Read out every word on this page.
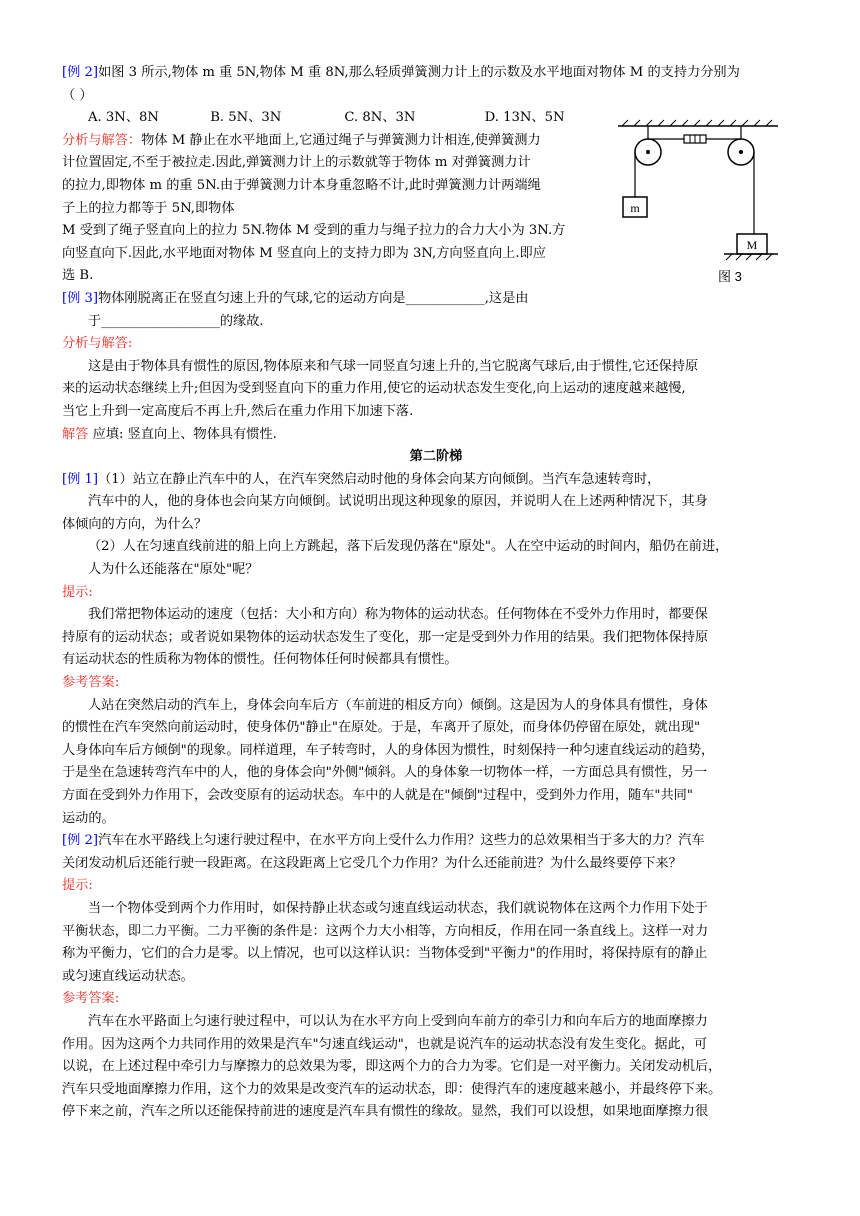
[例 2]如图 3 所示,物体 m 重 5N,物体 M 重 8N,那么轻质弹簧测力计上的示数及水平地面对物体 M 的支持力分别为
（ ）
A. 3N、8N	B. 5N、3N	C. 8N、3N	D. 13N、5N
分析与解答：物体 M 静止在水平地面上,它通过绳子与弹簧测力计相连,使弹簧测力
计位置固定,不至于被拉走.因此,弹簧测力计上的示数就等于物体 m 对弹簧测力计
的拉力,即物体 m 的重 5N.由于弹簧测力计本身重忽略不计,此时弹簧测力计两端绳
子上的拉力都等于 5N,即物体
M 受到了绳子竖直向上的拉力 5N.物体 M 受到的重力与绳子拉力的合力大小为 3N.方
向竖直向下.因此,水平地面对物体 M 竖直向上的支持力即为 3N,方向竖直向上.即应
选 B.
[例 3]物体刚脱离正在竖直匀速上升的气球,它的运动方向是____________,这是由
于__________________的缘故.
分析与解答:
这是由于物体具有惯性的原因,物体原来和气球一同竖直匀速上升的,当它脱离气球后,由于惯性,它还保持原
来的运动状态继续上升;但因为受到竖直向下的重力作用,使它的运动状态发生变化,向上运动的速度越来越慢,
当它上升到一定高度后不再上升,然后在重力作用下加速下落.
解答 应填: 竖直向上、物体具有惯性.
第二阶梯
[例 1]（1）站立在静止汽车中的人，在汽车突然启动时他的身体会向某方向倾倒。当汽车急速转弯时，
汽车中的人，他的身体也会向某方向倾倒。试说明出现这种现象的原因，并说明人在上述两种情况下，其身
体倾向的方向，为什么？
（2）人在匀速直线前进的船上向上方跳起，落下后发现仍落在"原处"。人在空中运动的时间内，船仍在前进，
人为什么还能落在"原处"呢？
提示:
我们常把物体运动的速度（包括：大小和方向）称为物体的运动状态。任何物体在不受外力作用时，都要保
持原有的运动状态；或者说如果物体的运动状态发生了变化，那一定是受到外力作用的结果。我们把物体保持原
有运动状态的性质称为物体的惯性。任何物体任何时候都具有惯性。
参考答案:
人站在突然启动的汽车上，身体会向车后方（车前进的相反方向）倾倒。这是因为人的身体具有惯性，身体
的惯性在汽车突然向前运动时，使身体仍"静止"在原处。于是，车离开了原处，而身体仍停留在原处，就出现"
人身体向车后方倾倒"的现象。同样道理，车子转弯时，人的身体因为惯性，时刻保持一种匀速直线运动的趋势，
于是坐在急速转弯汽车中的人，他的身体会向"外侧"倾斜。人的身体象一切物体一样，一方面总具有惯性，另一
方面在受到外力作用下，会改变原有的运动状态。车中的人就是在"倾倒"过程中，受到外力作用，随车"共同"
运动的。
[例 2]汽车在水平路线上匀速行驶过程中，在水平方向上受什么力作用？这些力的总效果相当于多大的力？汽车
关闭发动机后还能行驶一段距离。在这段距离上它受几个力作用？为什么还能前进？为什么最终要停下来？
提示:
当一个物体受到两个力作用时，如保持静止状态或匀速直线运动状态，我们就说物体在这两个力作用下处于
平衡状态，即二力平衡。二力平衡的条件是：这两个力大小相等，方向相反，作用在同一条直线上。这样一对力
称为平衡力，它们的合力是零。以上情况，也可以这样认识：当物体受到"平衡力"的作用时，将保持原有的静止
或匀速直线运动状态。
参考答案:
汽车在水平路面上匀速行驶过程中，可以认为在水平方向上受到向车前方的牵引力和向车后方的地面摩擦力
作用。因为这两个力共同作用的效果是汽车"匀速直线运动"，也就是说汽车的运动状态没有发生变化。据此，可
以说，在上述过程中牵引力与摩擦力的总效果为零，即这两个力的合力为零。它们是一对平衡力。关闭发动机后，
汽车只受地面摩擦力作用，这个力的效果是改变汽车的运动状态，即：使得汽车的速度越来越小，并最终停下来。
停下来之前，汽车之所以还能保持前进的速度是汽车具有惯性的缘故。显然，我们可以设想，如果地面摩擦力很
m
M
图 3
